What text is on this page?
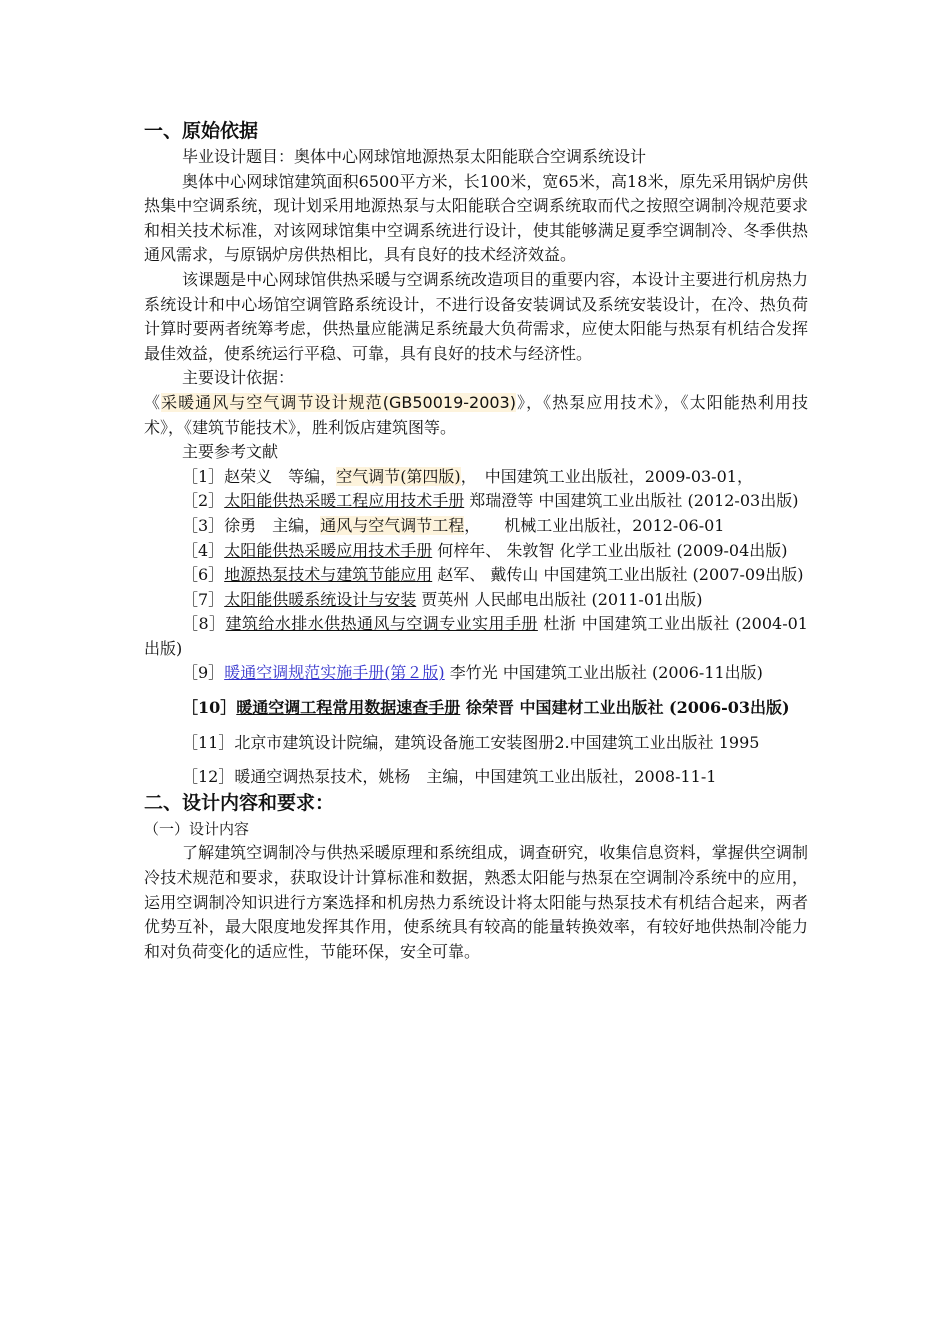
一、原始依据

毕业设计题目：奥体中心网球馆地源热泵太阳能联合空调系统设计

奥体中心网球馆建筑面积6500平方米，长100米，宽65米，高18米，原先采用锅炉房供热集中空调系统，现计划采用地源热泵与太阳能联合空调系统取而代之按照空调制冷规范要求和相关技术标准，对该网球馆集中空调系统进行设计，使其能够满足夏季空调制冷、冬季供热通风需求，与原锅炉房供热相比，具有良好的技术经济效益。

该课题是中心网球馆供热采暖与空调系统改造项目的重要内容，本设计主要进行机房热力系统设计和中心场馆空调管路系统设计，不进行设备安装调试及系统安装设计，在冷、热负荷计算时要两者统筹考虑，供热量应能满足系统最大负荷需求，应使太阳能与热泵有机结合发挥最佳效益，使系统运行平稳、可靠，具有良好的技术与经济性。

主要设计依据：

《采暖通风与空气调节设计规范(GB50019-2003)》，《热泵应用技术》，《太阳能热利用技术》，《建筑节能技术》，胜利饭店建筑图等。

主要参考文献

［1］赵荣义　等编，空气调节(第四版)，　中国建筑工业出版社，2009-03-01，

［2］太阳能供热采暖工程应用技术手册 郑瑞澄等 中国建筑工业出版社 (2012-03出版)

［3］徐勇　主编，通风与空气调节工程，　　机械工业出版社，2012-06-01

［4］太阳能供热采暖应用技术手册 何梓年、 朱敦智 化学工业出版社 (2009-04出版)

［6］地源热泵技术与建筑节能应用 赵军、 戴传山 中国建筑工业出版社 (2007-09出版)

［7］太阳能供暖系统设计与安装 贾英州 人民邮电出版社 (2011-01出版)

［8］建筑给水排水供热通风与空调专业实用手册 杜浙 中国建筑工业出版社 (2004-01出版)

［9］暖通空调规范实施手册(第２版) 李竹光 中国建筑工业出版社 (2006-11出版)

［10］暖通空调工程常用数据速查手册 徐荣晋 中国建材工业出版社 (2006-03出版)

［11］北京市建筑设计院编，建筑设备施工安装图册2.中国建筑工业出版社 1995

［12］暖通空调热泵技术，姚杨　主编，中国建筑工业出版社，2008-11-1

二、设计内容和要求：

（一）设计内容

了解建筑空调制冷与供热采暖原理和系统组成，调查研究，收集信息资料，掌握供空调制冷技术规范和要求，获取设计计算标准和数据，熟悉太阳能与热泵在空调制冷系统中的应用，运用空调制冷知识进行方案选择和机房热力系统设计将太阳能与热泵技术有机结合起来，两者优势互补，最大限度地发挥其作用，使系统具有较高的能量转换效率，有较好地供热制冷能力和对负荷变化的适应性，节能环保，安全可靠。
